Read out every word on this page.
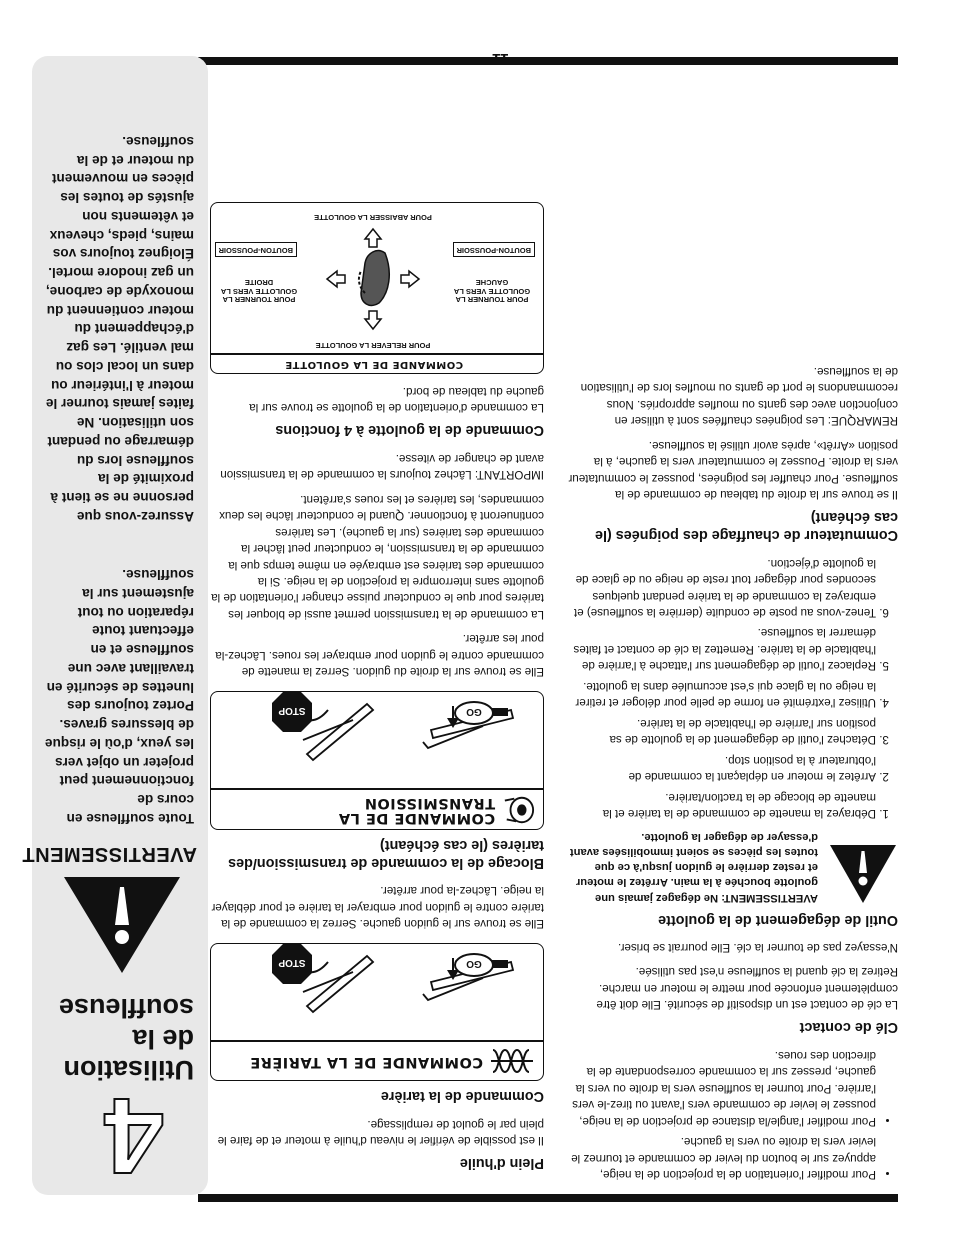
4
Utilisation de la souffleuse
AVERTISSEMENT
Toute souffleuse en cours de fonctionnement peut projeter un objet vers les yeux, d'où le risque de blessures graves. Portez toujours des lunettes de sécurité en travaillant avec une souffleuse et en effectuant toute réparation ou tout ajustement sur la souffleuse.
Assurez-vous que personne ne se tient à proximité de la souffleuse lors du démarrage ou pendant son utilisation. Ne faites jamais tourner le moteur à l'intérieur ou dans un local clos ou mal ventilé. Les gaz d'échappement du moteur contiennent du monoxyde de carbone, un gaz inodore mortel. Éloignez toujours vos mains, pieds, cheveux et vêtements non ajustés de toutes les pièces en mouvement du moteur et de la souffleuse.
• Pour modifier l'orientation de la projection de la neige, appuyez sur le bouton du levier de commande et tournez le levier vers la droite ou vers la gauche.
• Pour modifier l'angle/la distance de projection de la neige, poussez le levier de commande vers l'avant ou tirez-le vers l'arrière. Pour tourner la souffleuse vers la droite ou vers la gauche, pressez sur la commande correspondante de la direction des roues.
Clé de contact

La clé de contact est un dispositif de sécurité. Elle doit être complètement enfoncée pour mettre le moteur en marche. Retirez la clé quand la souffleuse n'est pas utilisée.

N'essayez pas de tourner la clé. Elle pourrait se briser.

Outil de dégagement de la goulotte
AVERTISSEMENT: Ne dégagez jamais une goulotte bouchée à la main. Arrêtez le moteur et restez derrière le guidon jusqu'à ce que toutes les pièces se soient immobilisées avant d'essayer de dégager la goulotte.
1. Débrayez la manette de commande de la tarière et la manette de blocage de la traction/tarière.
2. Arrêtez le moteur en déplaçant la commande de l'obturateur à la position stop.
3. Détachez l'outil de dégagement de la goulotte de sa position sur l'arrière de l'habitacle de la tarière.
4. Utilisez l'extrémité en forme de pelle pour déloger et retirer la neige ou la glace qui s'est accumulée dans la goulotte.
5. Replacez l'outil de dégagement sur l'attache à l'arrière de l'habitacle de la tarière. Remettez la clé de contact et faites démarrer la souffleuse.
6. Tenez-vous au poste de conduite (derrière la souffleuse) et embrayez la commande de la tarière pendant quelques secondes pour dégager tout reste de neige ou de glace de la goulotte d'éjection.
Commutateur de chauffage des poignées (le cas échéant)

Il se trouve sur la droite du tableau de commande de la souffleuse. Pour chauffer les poignées, poussez le commutateur vers la droite. Poussez le commutateur vers la gauche, à la position «Arrêt», après avoir utilisé la souffleuse.

REMARQUE: Les poignées chauffées sont à utiliser en conjonction avec des gants ou moufles appropriés. Nous recommandons le port de gants ou moufles lors de l'utilisation de la souffleuse.

Plein d'huile

Il est possible de vérifier le niveau d'huile à moteur et de faire le plein par le goulot de remplissage.

Commande de la tarière
COMMANDE DE LA TARIÈRE
GO
STOP

Elle se trouve sur le guidon gauche. Serrez la commande de la tarière contre le guidon pour embrayer la tarière et pour déblayer la neige. Lâchez-la pour arrêter.

Blocage de la commande de transmission/des tarières (le cas échéant)
COMMANDE DE LA TRANSMISSION
GO
STOP

Elle se trouve sur la droite du guidon. Serrez la manette de commande contre le guidon pour embrayer les roues. Lâchez-la pour les arrêter.

La commande de la transmission permet aussi de bloquer les tarières pour que le conducteur puisse changer l'orientation de la goulotte sans interrompre la projection de la neige. Si la commande des tarières est embrayée en même temps que la commande de la transmission, le conducteur peut lâcher la commande des tarières (sur la gauche). Les tarières continueront à fonctionner. Quand le conducteur lâche les deux commandes, les tarières et les roues s'arrêtent.

IMPORTANT: Lâchez toujours la commande de la transmission avant de changer de vitesse.

Commande de la goulotte à 4 fonctions

La commande d'orientation de la goulotte se trouve sur la gauche du tableau de bord.

COMMANDE DE LA GOULOTTE
POUR RELEVER LA GOULOTTE
POUR ABAISSER LA GOULOTTE
POUR TOURNER LA GOULOTTE VERS LA GAUCHE
POUR TOURNER LA GOULOTTE VERS LA DROITE
BOUTON-POUSSOIR
BOUTON-POUSSOIR
